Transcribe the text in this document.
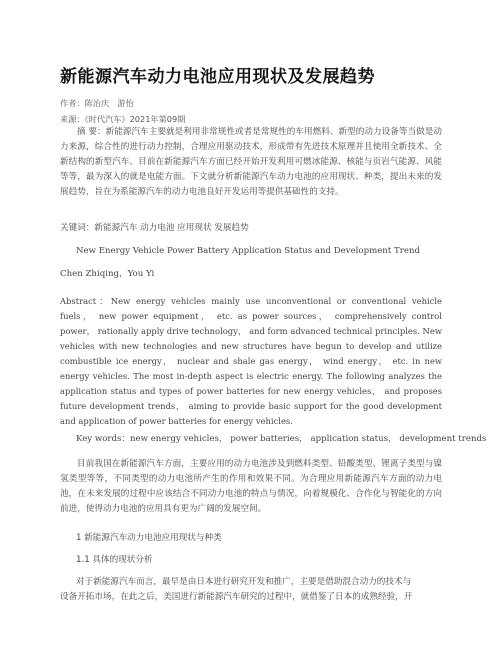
新能源汽车动力电池应用现状及发展趋势
作者：陈治庆　游怡
来源：《时代汽车》2021年第09期
摘 要：新能源汽车主要就是利用非常规性或者是常规性的车用燃料、新型的动力设备等当做是动力来源，综合性的进行动力控制，合理应用驱动技术，形成带有先进技术原理并且使用全新技术、全新结构的新型汽车。目前在新能源汽车方面已经开始开发利用可燃冰能源、核能与页岩气能源、风能等等，最为深入的就是电能方面。下文就分析新能源汽车动力电池的应用现状、种类，提出未来的发展趋势，旨在为系能源汽车的动力电池良好开发运用等提供基础性的支持。
关键词：新能源汽车 动力电池 应用现状 发展趋势
New Energy Vehicle Power Battery Application Status and Development Trend
Chen Zhiqing，You Yi
Abstract：New energy vehicles mainly use unconventional or conventional vehicle fuels， new power equipment， etc. as power sources， comprehensively control power， rationally apply drive technology， and form advanced technical principles. New vehicles with new technologies and new structures have begun to develop and utilize combustible ice energy， nuclear and shale gas energy， wind energy， etc. in new energy vehicles. The most in-depth aspect is electric energy. The following analyzes the application status and types of power batteries for new energy vehicles， and proposes future development trends， aiming to provide basic support for the good development and application of power batteries for energy vehicles.
Key words：new energy vehicles， power batteries， application status， development trends
目前我国在新能源汽车方面，主要应用的动力电池涉及到燃料类型、铅酸类型、锂离子类型与镍氢类型等等，不同类型的动力电池所产生的作用和效果不同。为合理应用新能源汽车方面的动力电池，在未来发展的过程中应该结合不同动力电池的特点与情况，向着规模化、合作化与智能化的方向前进，使得动力电池的应用具有更为广阔的发展空间。
1 新能源汽车动力电池应用现状与种类
1.1 具体的现状分析
对于新能源汽车而言，最早是由日本进行研究开发和推广，主要是借助混合动力的技术与
设备开拓市场，在此之后，美国进行新能源汽车研究的过程中，就借鉴了日本的成熟经验，开
